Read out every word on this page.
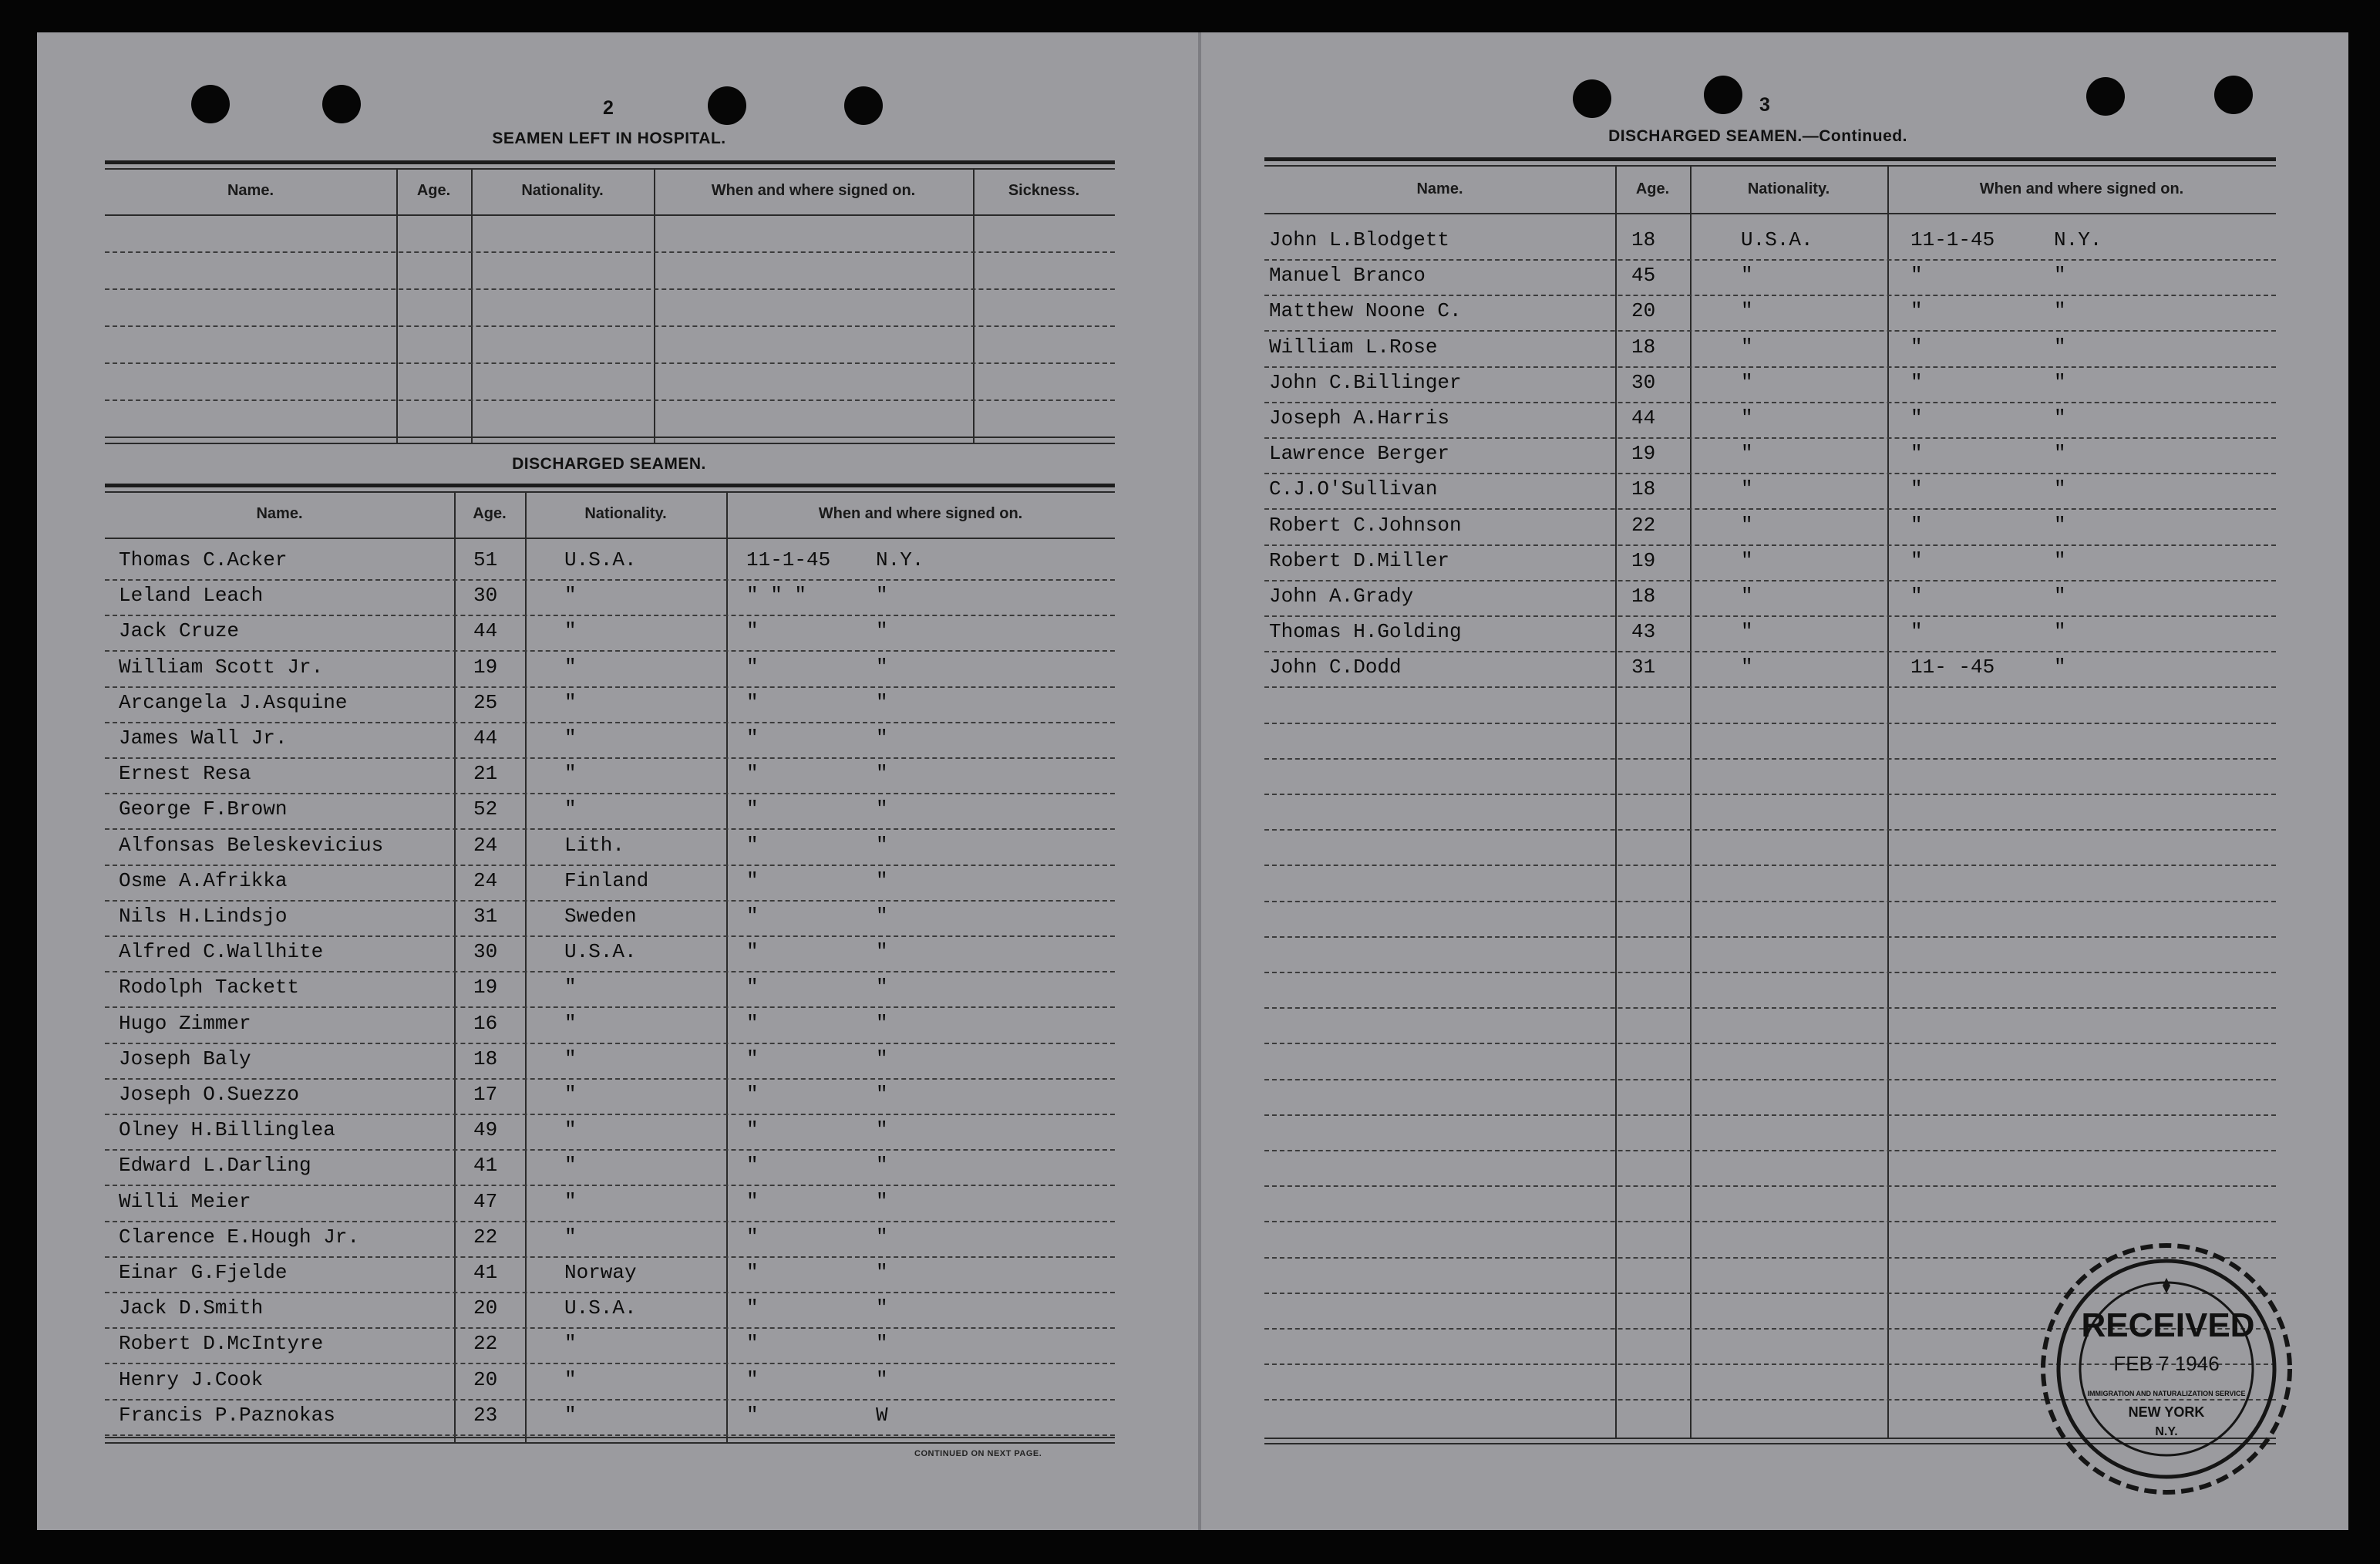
2
SEAMEN LEFT IN HOSPITAL.
Name.	Age.	Nationality.	When and where signed on.	Sickness.
DISCHARGED SEAMEN.
Name.	Age.	Nationality.	When and where signed on.
Thomas C.Acker	51	U.S.A.	11-1-45 N.Y.
Leland Leach	30	"	" " "	"
Jack Cruze	44	"	"	"
William Scott Jr.	19	"	"	"
Arcangela J.Asquine	25	"	"	"
James Wall Jr.	44	"	"	"
Ernest Resa	21	"	"	"
George F.Brown	52	"	"	"
Alfonsas Beleskevicius	24	Lith.	"	"
Osme A.Afrikka	24	Finland	"	"
Nils H.Lindsjo	31	Sweden	"	"
Alfred C.Wallhite	30	U.S.A.	"	"
Rodolph Tackett	19	"	"	"
Hugo Zimmer	16	"	"	"
Joseph Baly	18	"	"	"
Joseph O.Suezzo	17	"	"	"
Olney H.Billinglea	49	"	"	"
Edward L.Darling	41	"	"	"
Willi Meier	47	"	"	"
Clarence E.Hough Jr.	22	"	"	"
Einar G.Fjelde	41	Norway	"	"
Jack D.Smith	20	U.S.A.	"	"
Robert D.McIntyre	22	"	"	"
Henry J.Cook	20	"	"	"
Francis P.Paznokas	23	"	"	W
CONTINUED ON NEXT PAGE.
3
DISCHARGED SEAMEN.—Continued.
Name.	Age.	Nationality.	When and where signed on.
John L.Blodgett	18	U.S.A.	11-1-45	N.Y.
Manuel Branco	45	"	"	"
Matthew Noone C.	20	"	"	"
William L.Rose	18	"	"	"
John C.Billinger	30	"	"	"
Joseph A.Harris	44	"	"	"
Lawrence Berger	19	"	"	"
C.J.O'Sullivan	18	"	"	"
Robert C.Johnson	22	"	"	"
Robert D.Miller	19	"	"	"
John A.Grady	18	"	"	"
Thomas H.Golding	43	"	"	"
John C.Dodd	31	"	11- -45	"
RECEIVED
FEB 7 1946
IMMIGRATION AND NATURALIZATION SERVICE
NEW YORK
N.Y.
